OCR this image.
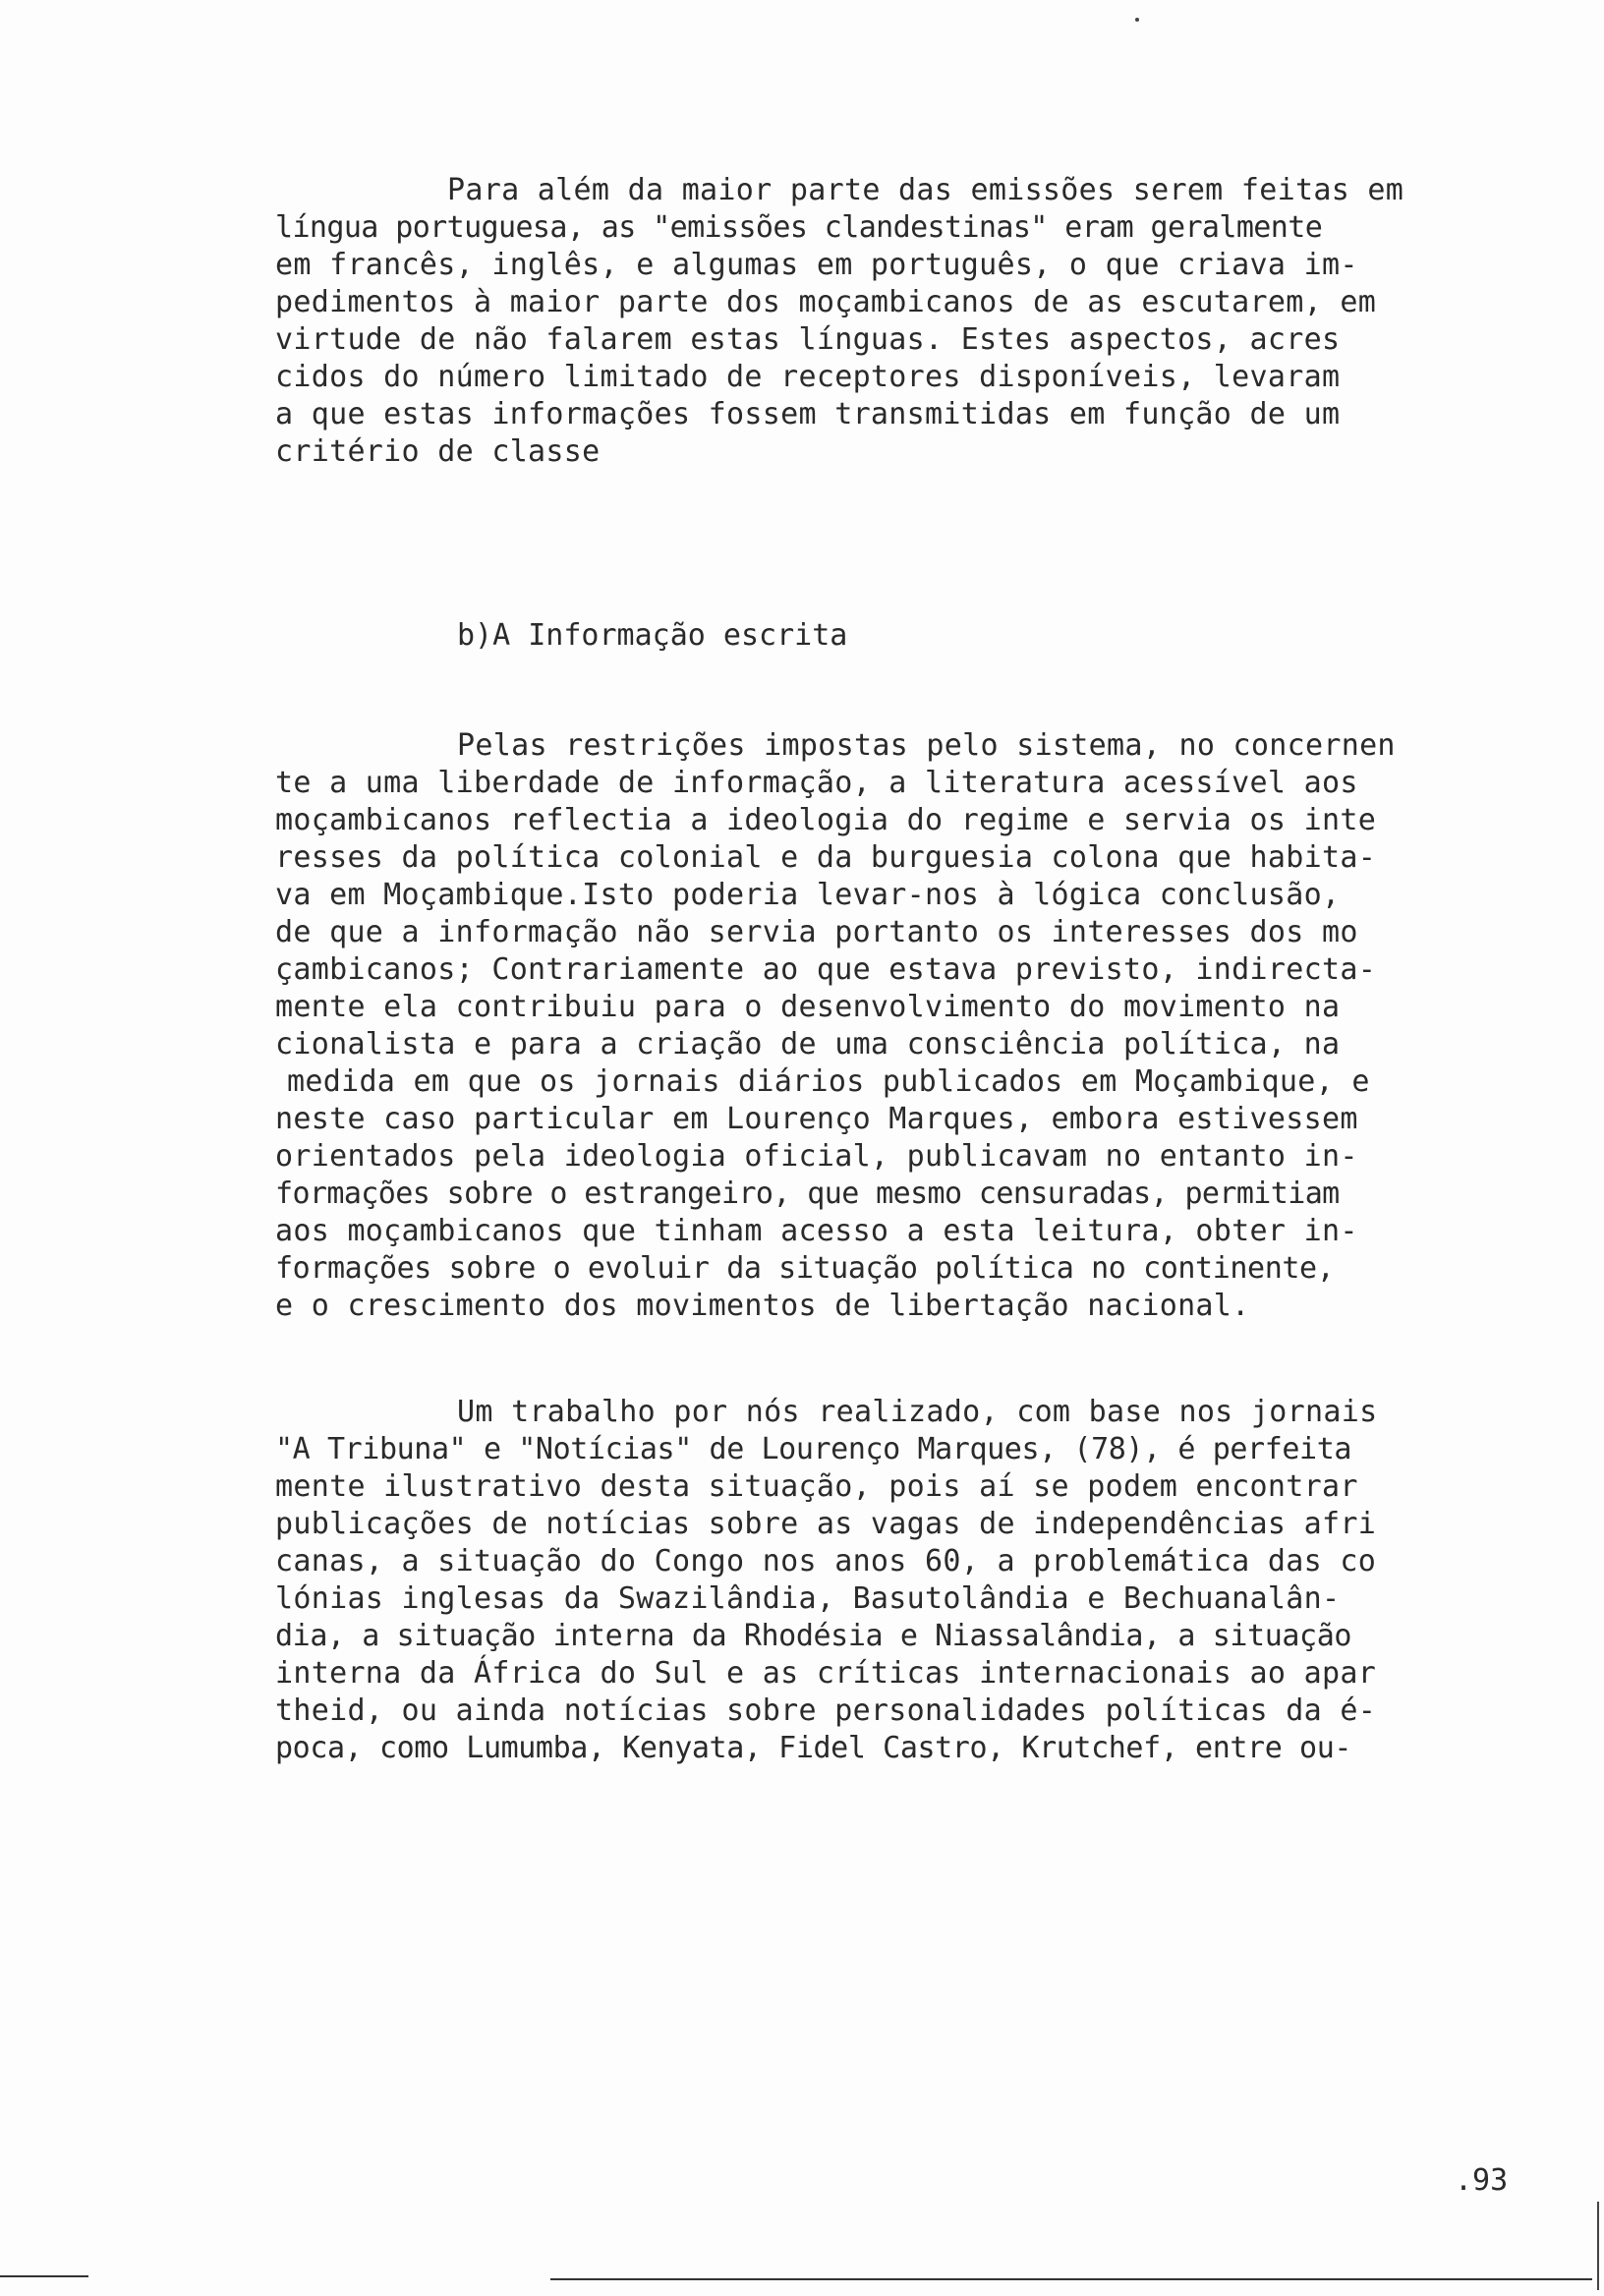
Para além da maior parte das emissões serem feitas em
língua portuguesa, as "emissões clandestinas" eram geralmente
em francês, inglês, e algumas em português, o que criava im-
pedimentos à maior parte dos moçambicanos de as escutarem, em
virtude de não falarem estas línguas. Estes aspectos, acres
cidos do número limitado de receptores disponíveis, levaram
a que estas informações fossem transmitidas em função de um
critério de classe
b)A Informação escrita
Pelas restrições impostas pelo sistema, no concernen
te a uma liberdade de informação, a literatura acessível aos
moçambicanos reflectia a ideologia do regime e servia os inte
resses da política colonial e da burguesia colona que habita-
va em Moçambique.Isto poderia levar-nos à lógica conclusão,
de que a informação não servia portanto os interesses dos mo
çambicanos; Contrariamente ao que estava previsto, indirecta-
mente ela contribuiu para o desenvolvimento do movimento na
cionalista e para a criação de uma consciência política, na
medida em que os jornais diários publicados em Moçambique, e
neste caso particular em Lourenço Marques, embora estivessem
orientados pela ideologia oficial, publicavam no entanto in-
formações sobre o estrangeiro, que mesmo censuradas, permitiam
aos moçambicanos que tinham acesso a esta leitura, obter in-
formações sobre o evoluir da situação política no continente,
e o crescimento dos movimentos de libertação nacional.
Um trabalho por nós realizado, com base nos jornais
"A Tribuna" e "Notícias" de Lourenço Marques, (78), é perfeita
mente ilustrativo desta situação, pois aí se podem encontrar
publicações de notícias sobre as vagas de independências afri
canas, a situação do Congo nos anos 60, a problemática das co
lónias inglesas da Swazilândia, Basutolândia e Bechuanalân-
dia, a situação interna da Rhodésia e Niassalândia, a situação
interna da África do Sul e as críticas internacionais ao apar
theid, ou ainda notícias sobre personalidades políticas da é-
poca, como Lumumba, Kenyata, Fidel Castro, Krutchef, entre ou-
.93
